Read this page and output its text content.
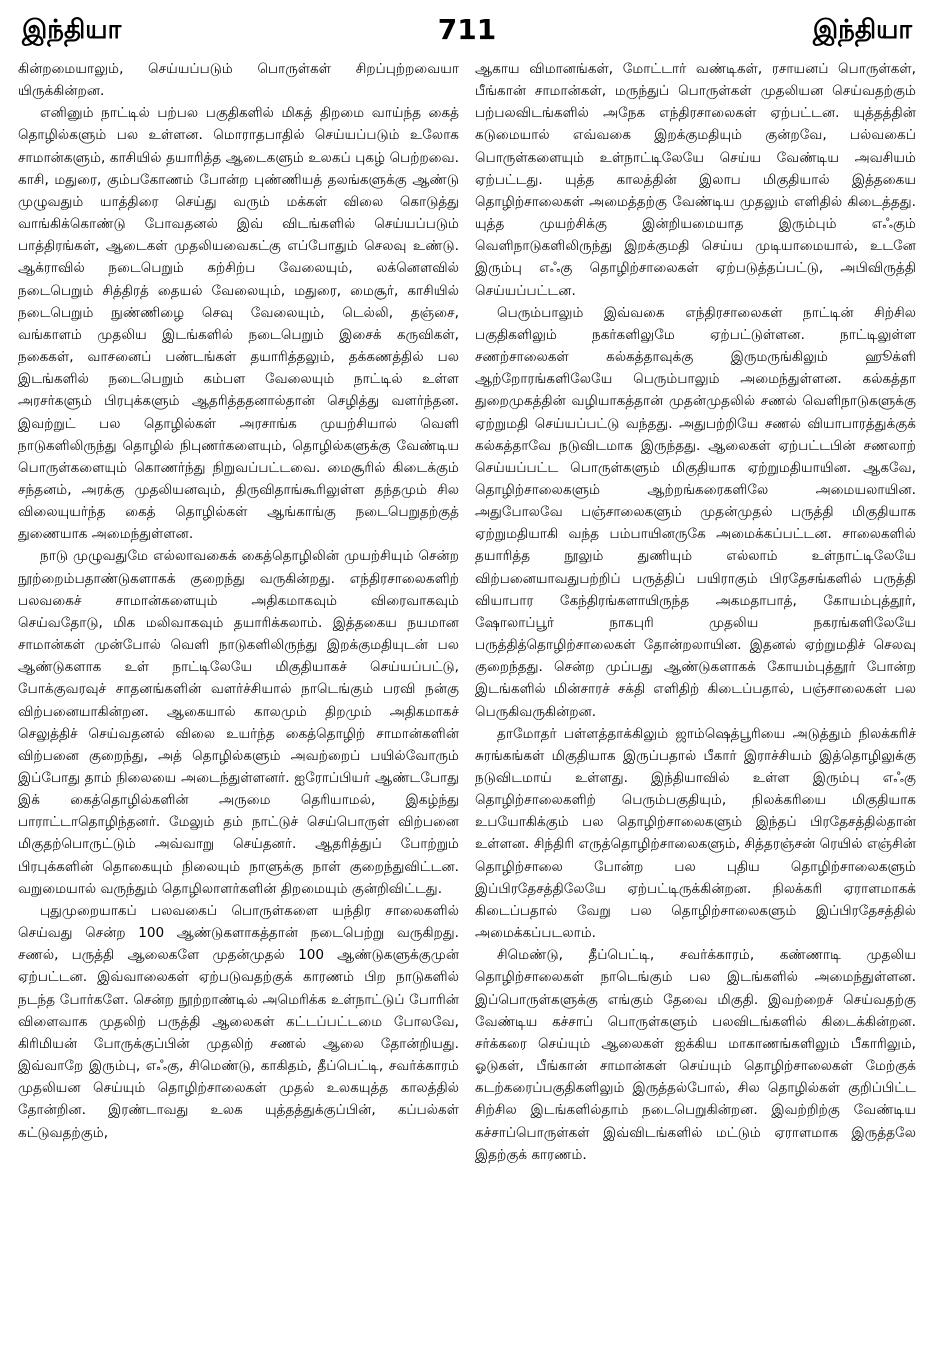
இந்தியா	711	இந்தியா

கின்றமையாலும், செய்யப்படும் பொருள்கள் சிறப்புற்றவையா யிருக்கின்றன.

எனினும் நாட்டில் பற்பல பகுதிகளில் மிகத் திறமை வாய்ந்த கைத் தொழில்களும் பல உள்ளன. மொராதபாதில் செய்யப்படும் உலோக சாமான்களும், காசியில் தயாரித்த ஆடைகளும் உலகப் புகழ் பெற்றவை. காசி, மதுரை, கும்பகோணம் போன்ற புண்ணியத் தலங்களுக்கு ஆண்டு முழுவதும் யாத்திரை செய்து வரும் மக்கள் விலை கொடுத்து வாங்கிக்கொண்டு போவதனல் இவ் விடங்களில் செய்யப்படும் பாத்திரங்கள், ஆடைகள் முதலியவைகட்கு எப்போதும் செலவு உண்டு. ஆக்ராவில் நடைபெறும் கற்சிற்ப வேலையும், லக்னௌவில் நடைபெறும் சித்திரத் தையல் வேலையும், மதுரை, மைசூர், காசியில் நடைபெறும் நுண்ணிழை செவு வேலையும், டெல்லி, தஞ்சை, வங்காளம் முதலிய இடங்களில் நடைபெறும் இசைக் கருவிகள், நகைகள், வாசனைப் பண்டங்கள் தயாரித்தலும், தக்கணத்தில் பல இடங்களில் நடைபெறும் கம்பள வேலையும் நாட்டில் உள்ள அரசர்களும் பிரபுக்களும் ஆதரித்ததனால்தான் செழித்து வளர்ந்தன. இவற்றுட் பல தொழில்கள் அரசாங்க முயற்சியால் வெளி நாடுகளிலிருந்து தொழில் நிபுணர்களையும், தொழில்களுக்கு வேண்டிய பொருள்களையும் கொணர்ந்து நிறுவப்பட்டவை. மைசூரில் கிடைக்கும் சந்தனம், அரக்கு முதலியனவும், திருவிதாங்கூரிலுள்ள தந்தமும் சில விலையுயர்ந்த கைத் தொழில்கள் ஆங்காங்கு நடைபெறுதற்குத் துணையாக அமைந்துள்ளன.

நாடு முழுவதுமே எல்லாவகைக் கைத்தொழிலின் முயற்சியும் சென்ற நூற்றைம்பதாண்டுகளாகக் குறைந்து வருகின்றது. எந்திரசாலைகளிற் பலவகைச் சாமான்களையும் அதிகமாகவும் விரைவாகவும் செய்வதோடு, மிக மலிவாகவும் தயாரிக்கலாம். இத்தகைய நயமான சாமான்கள் முன்போல் வெளி நாடுகளிலிருந்து இறக்குமதியுடன் பல ஆண்டுகளாக உள் நாட்டிலேயே மிகுதியாகச் செய்யப்பட்டு, போக்குவரவுச் சாதனங்களின் வளர்ச்சியால் நாடெங்கும் பரவி நன்கு விற்பனையாகின்றன. ஆகையால் காலமும் திறமும் அதிகமாகச் செலுத்திச் செய்வதனல் விலை உயர்ந்த கைத்தொழிற் சாமான்களின் விற்பனை குறைந்து, அத் தொழில்களும் அவற்றைப் பயில்வோரும் இப்போது தாம் நிலையை அடைந்துள்ளனர். ஐரோப்பியர் ஆண்டபோது இக் கைத்தொழில்களின் அருமை தெரியாமல், இகழ்ந்து பாராட்டாதொழிந்தனர். மேலும் தம் நாட்டுச் செய்பொருள் விற்பனை மிகுதற்பொருட்டும் அவ்வாறு செய்தனர். ஆதரித்துப் போற்றும் பிரபுக்களின் தொகையும் நிலையும் நாளுக்கு நாள் குறைந்துவிட்டன. வறுமையால் வருந்தும் தொழிலாளர்களின் திறமையும் குன்றிவிட்டது.

புதுமுறையாகப் பலவகைப் பொருள்களை யந்திர சாலைகளில் செய்வது சென்ற 100 ஆண்டுகளாகத்தான் நடைபெற்று வருகிறது. சணல், பருத்தி ஆலைகளே முதன்முதல் 100 ஆண்டுகளுக்குமுன் ஏற்பட்டன. இவ்வாலைகள் ஏற்படுவதற்குக் காரணம் பிற நாடுகளில் நடந்த போர்களே. சென்ற நூற்றாண்டில் அமெரிக்க உள்நாட்டுப் போரின் விளைவாக முதலிற் பருத்தி ஆலைகள் கட்டப்பட்டமை போலவே, கிரிமியன் போருக்குப்பின் முதலிற் சணல் ஆலை தோன்றியது. இவ்வாறே இரும்பு, எஃகு, சிமெண்டு, காகிதம், தீப்பெட்டி, சவர்க்காரம் முதலியன செய்யும் தொழிற்சாலைகள் முதல் உலகயுத்த காலத்தில் தோன்றின. இரண்டாவது உலக யுத்தத்துக்குப்பின், கப்பல்கள் கட்டுவதற்கும்,

ஆகாய விமானங்கள், மோட்டார் வண்டிகள், ரசாயனப் பொருள்கள், பீங்கான் சாமான்கள், மருந்துப் பொருள்கள் முதலியன செய்வதற்கும் பற்பலவிடங்களில் அநேக எந்திரசாலைகள் ஏற்பட்டன. யுத்தத்தின் கடுமையால் எவ்வகை இறக்குமதியும் குன்றவே, பல்வகைப் பொருள்களையும் உள்நாட்டிலேயே செய்ய வேண்டிய அவசியம் ஏற்பட்டது. யுத்த காலத்தின் இலாப மிகுதியால் இத்தகைய தொழிற்சாலைகள் அமைத்தற்கு வேண்டிய முதலும் எளிதில் கிடைத்தது. யுத்த முயற்சிக்கு இன்றியமையாத இரும்பும் எஃகும் வெளிநாடுகளிலிருந்து இறக்குமதி செய்ய முடியாமையால், உடனே இரும்பு எஃகு தொழிற்சாலைகள் ஏற்படுத்தப்பட்டு, அபிவிருத்தி செய்யப்பட்டன.

பெரும்பாலும் இவ்வகை எந்திரசாலைகள் நாட்டின் சிற்சில பகுதிகளிலும் நகர்களிலுமே ஏற்பட்டுள்ளன. நாட்டிலுள்ள சணற்சாலைகள் கல்கத்தாவுக்கு இருமருங்கிலும் ஹூக்ளி ஆற்றோரங்களிலேயே பெரும்பாலும் அமைந்துள்ளன. கல்கத்தா துறைமுகத்தின் வழியாகத்தான் முதன்முதலில் சணல் வெளிநாடுகளுக்கு ஏற்றுமதி செய்யப்பட்டு வந்தது. அதுபற்றியே சணல் வியாபாரத்துக்குக் கல்கத்தாவே நடுவிடமாக இருந்தது. ஆலைகள் ஏற்பட்டபின் சணலாற் செய்யப்பட்ட பொருள்களும் மிகுதியாக ஏற்றுமதியாயின. ஆகவே, தொழிற்சாலைகளும் ஆற்றங்கரைகளிலே அமையலாயின. அதுபோலவே பஞ்சாலைகளும் முதன்முதல் பருத்தி மிகுதியாக ஏற்றுமதியாகி வந்த பம்பாயினருகே அமைக்கப்பட்டன. சாலைகளில் தயாரித்த நூலும் துணியும் எல்லாம் உள்நாட்டிலேயே விற்பனையாவதுபற்றிப் பருத்திப் பயிராகும் பிரதேசங்களில் பருத்தி வியாபார கேந்திரங்களாயிருந்த அகமதாபாத், கோயம்புத்தூர், ஷோலாப்பூர் நாகபுரி முதலிய நகரங்களிலேயே பருத்தித்தொழிற்சாலைகள் தோன்றலாயின. இதனல் ஏற்றுமதிச் செலவு குறைந்தது. சென்ற முப்பது ஆண்டுகளாகக் கோயம்புத்தூர் போன்ற இடங்களில் மின்சாரச் சக்தி எளிதிற் கிடைப்பதால், பஞ்சாலைகள் பல பெருகிவருகின்றன.

தாமோதர் பள்ளத்தாக்கிலும் ஜாம்ஷெத்பூரியை அடுத்தும் நிலக்கரிச் சுரங்கங்கள் மிகுதியாக இருப்பதால் பீகார் இராச்சியம் இத்தொழிலுக்கு நடுவிடமாய் உள்ளது. இந்தியாவில் உள்ள இரும்பு எஃகு தொழிற்சாலைகளிற் பெரும்பகுதியும், நிலக்கரியை மிகுதியாக உபயோகிக்கும் பல தொழிற்சாலைகளும் இந்தப் பிரதேசத்தில்தான் உள்ளன. சிந்திரி எருத்தொழிற்சாலைகளும், சித்தரஞ்சன் ரெயில் எஞ்சின் தொழிற்சாலை போன்ற பல புதிய தொழிற்சாலைகளும் இப்பிரதேசத்திலேயே ஏற்பட்டிருக்கின்றன. நிலக்கரி ஏராளமாகக் கிடைப்பதால் வேறு பல தொழிற்சாலைகளும் இப்பிரதேசத்தில் அமைக்கப்படலாம்.

சிமெண்டு, தீப்பெட்டி, சவர்க்காரம், கண்ணாடி முதலிய தொழிற்சாலைகள் நாடெங்கும் பல இடங்களில் அமைந்துள்ளன. இப்பொருள்களுக்கு எங்கும் தேவை மிகுதி. இவற்றைச் செய்வதற்கு வேண்டிய கச்சாப் பொருள்களும் பலவிடங்களில் கிடைக்கின்றன. சர்க்கரை செய்யும் ஆலைகள் ஐக்கிய மாகாணங்களிலும் பீகாரிலும், ஓடுகள், பீங்கான் சாமான்கள் செய்யும் தொழிற்சாலைகள் மேற்குக் கடற்கரைப்பகுதிகளிலும் இருத்தல்போல், சில தொழில்கள் குறிப்பிட்ட சிற்சில இடங்களில்தாம் நடைபெறுகின்றன. இவற்றிற்கு வேண்டிய கச்சாப்பொருள்கள் இவ்விடங்களில் மட்டும் ஏராளமாக இருத்தலே இதற்குக் காரணம்.
